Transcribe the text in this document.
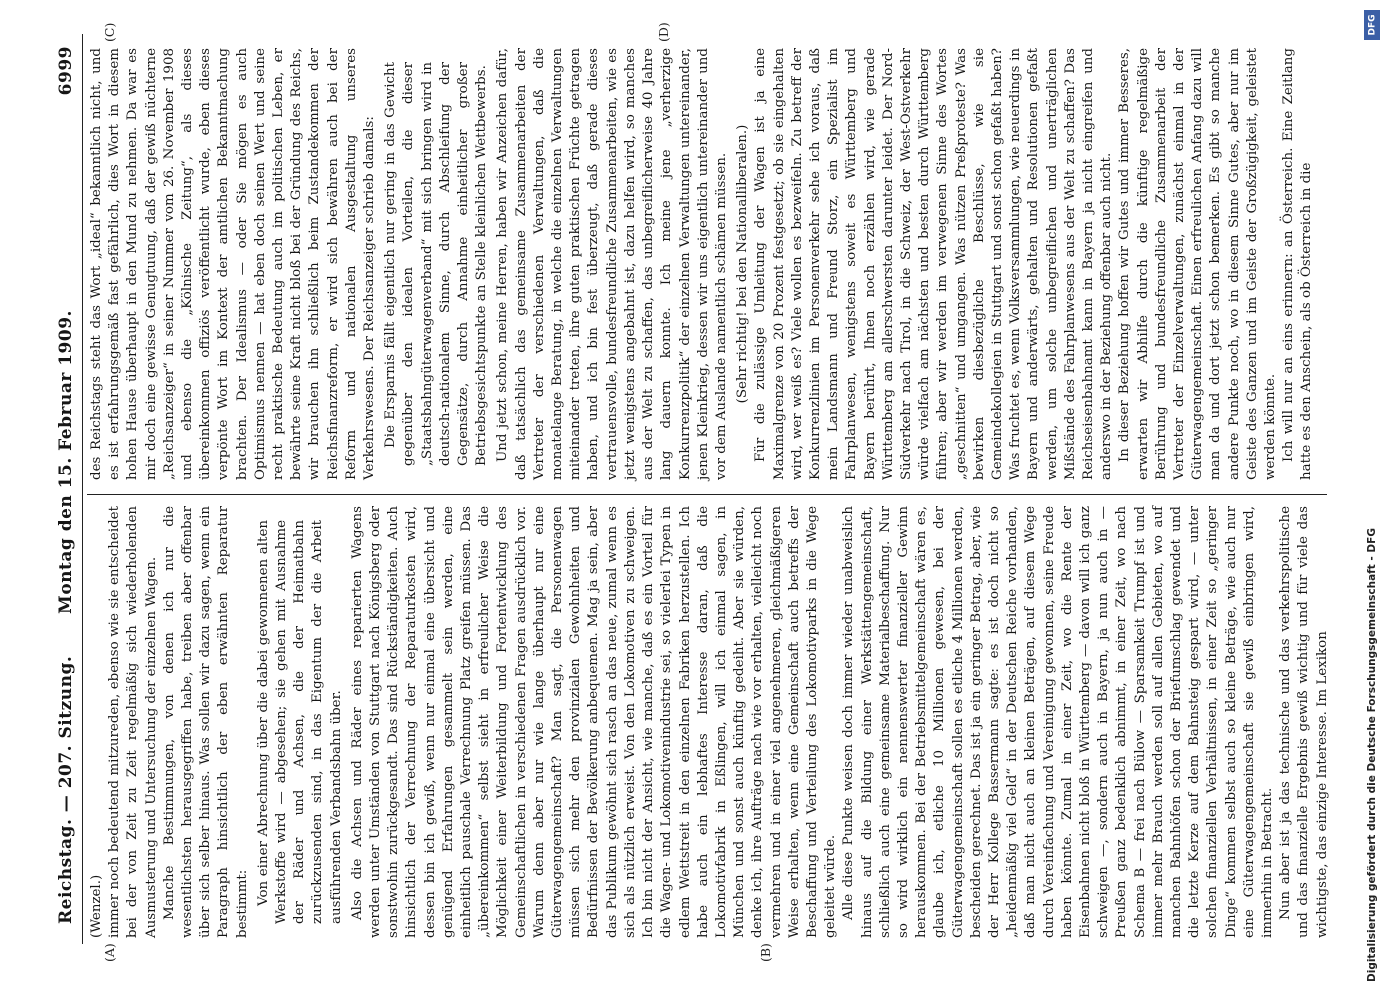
Reichstag. — 207. Sitzung.
Montag den 15. Februar 1909.
6999
(A)	(B)
(C)	(D)

(Wenzel.) immer noch bedeutend mitzureden, ebenso wie sie entscheidet bei der von Zeit zu Zeit regelmäßig sich wiederholenden Ausmusterung und Untersuchung der einzelnen Wagen. Manche Bestimmungen, von denen ich nur die wesentlichsten herausgegriffen habe, treiben aber offenbar über sich selber hinaus. Was sollen wir dazu sagen, wenn ein Paragraph hinsichtlich der eben erwähnten Reparatur bestimmt: Von einer Abrechnung über die dabei gewonnenen alten Werkstoffe wird — abgesehen; sie gehen mit Ausnahme der Räder und Achsen, die der Heimatbahn zurückzusenden sind, in das Eigentum der die Arbeit ausführenden Verbandsbahn über. Also die Achsen und Räder eines reparierten Wagens werden unter Umständen von Stuttgart nach Königsberg oder sonstwohin zurückgesandt. Das sind Rückständigkeiten. Auch hinsichtlich der Verrechnung der Reparaturkosten wird, dessen bin ich gewiß, wenn nur einmal eine übersicht und genügend Erfahrungen gesammelt sein werden, eine einheitlich pauschale Verrechnung Platz greifen müssen. Das „übereinkommen“ selbst sieht in erfreulicher Weise die Möglichkeit einer Weiterbildung und Fortentwicklung des Gemeinschaftlichen in verschiedenen Fragen ausdrücklich vor. Warum denn aber nur wie lange überhaupt nur eine Güterwagengemeinschaft? Man sagt, die Personenwagen müssen sich mehr den provinzialen Gewohnheiten und Bedürfnissen der Bevölkerung anbequemen. Mag ja sein, aber das Publikum gewöhnt sich rasch an das neue, zumal wenn es sich als nützlich erweist. Von den Lokomotiven zu schweigen. Ich bin nicht der Ansicht, wie manche, daß es ein Vorteil für die Wagen- und Lokomotivenindustrie sei, so vielerlei Typen in edlem Wettstreit in den einzelnen Fabriken herzustellen. Ich habe auch ein lebhaftes Interesse daran, daß die Lokomotivfabrik in Eßlingen, will ich einmal sagen, in München und sonst auch künftig gedeiht. Aber sie würden, denke ich, ihre Aufträge nach wie vor erhalten, vielleicht noch vermehren und in einer viel angenehmeren, gleichmäßigeren Weise erhalten, wenn eine Gemeinschaft auch betreffs der Beschaffung und Verteilung des Lokomotivparks in die Wege geleitet würde. Alle diese Punkte weisen doch immer wieder unabweislich hinaus auf die Bildung einer Werkstättengemeinschaft, schließlich auch eine gemeinsame Materialbeschaffung. Nur so wird wirklich ein nennenswerter finanzieller Gewinn herauskommen. Bei der Betriebsmittelgemeinschaft wären es, glaube ich, etliche 10 Millionen gewesen, bei der Güterwagengemeinschaft sollen es etliche 4 Millionen werden, bescheiden gerechnet. Das ist ja ein geringer Betrag, aber, wie der Herr Kollege Bassermann sagte: es ist doch nicht so „heidenmäßig viel Geld“ in der Deutschen Reiche vorhanden, daß man nicht auch an kleinen Beträgen, auf diesem Wege durch Vereinfachung und Vereinigung gewonnen, seine Freude haben könnte. Zumal in einer Zeit, wo die Rente der Eisenbahnen nicht bloß in Württemberg — davon will ich ganz schweigen —, sondern auch in Bayern, ja nun auch in — Preußen ganz bedenklich abnimmt, in einer Zeit, wo nach Schema B — frei nach Bülow — Sparsamkeit Trumpf ist und immer mehr Brauch werden soll auf allen Gebieten, wo auf manchen Bahnhöfen schon der Briefumschlag gewendet und die letzte Kerze auf dem Bahnsteig gespart wird, — unter solchen finanziellen Verhältnissen, in einer Zeit so „geringer Dinge“ kommen selbst auch so kleine Beträge, wie auch nur eine Güterwagengemeinschaft sie gewiß einbringen wird, immerhin in Betracht. Nun aber ist ja das technische und das verkehrspolitische und das finanzielle Ergebnis gewiß wichtig und für viele das wichtigste, das einzige Interesse. Im Lexikon

des Reichstags steht das Wort „ideal“ bekanntlich nicht, und es ist erfahrungsgemäß fast gefährlich, dies Wort in diesem hohen Hause überhaupt in den Mund zu nehmen. Da war es mir doch eine gewisse Genugtuung, daß der gewiß nüchterne „Reichsanzeiger“ in seiner Nummer vom 26. November 1908 und ebenso die „Kölnische Zeitung“, als dieses übereinkommen offiziös veröffentlicht wurde, eben dieses verpönte Wort im Kontext der amtlichen Bekanntmachung brachten. Der Idealismus — oder Sie mögen es auch Optimismus nennen — hat eben doch seinen Wert und seine recht praktische Bedeutung auch im politischen Leben, er bewährte seine Kraft nicht bloß bei der Gründung des Reichs, wir brauchen ihn schließlich beim Zustandekommen der Reichsfinanzreform, er wird sich bewähren auch bei der Reform und nationalen Ausgestaltung unseres Verkehrswesens. Der Reichsanzeiger schrieb damals: Die Ersparnis fällt eigentlich nur gering in das Gewicht gegenüber den idealen Vorteilen, die dieser „Staatsbahngüterwagenverband“ mit sich bringen wird in deutsch-nationalem Sinne, durch Abschleifung der Gegensätze, durch Annahme einheitlicher großer Betriebsgesichtspunkte an Stelle kleinlichen Wettbewerbs. Und jetzt schon, meine Herren, haben wir Anzeichen dafür, daß tatsächlich das gemeinsame Zusammenarbeiten der Vertreter der verschiedenen Verwaltungen, daß die monatelange Beratung, in welche die einzelnen Verwaltungen miteinander treten, ihre guten praktischen Früchte getragen haben, und ich bin fest überzeugt, daß gerade dieses vertrauensvolle, bundesfreundliche Zusammenarbeiten, wie es jetzt wenigstens angebahnt ist, dazu helfen wird, so manches aus der Welt zu schaffen, das unbegreiflicherweise 40 Jahre lang dauern konnte. Ich meine jene „verherzige Konkurrenzpolitik“ der einzelnen Verwaltungen untereinander, jenen Kleinkrieg, dessen wir uns eigentlich untereinander und vor dem Auslande namentlich schämen müssen. (Sehr richtig! bei den Nationalliberalen.) Für die zulässige Umleitung der Wagen ist ja eine Maximalgrenze von 20 Prozent festgesetzt; ob sie eingehalten wird, wer weiß es? Viele wollen es bezweifeln. Zu betreff der Konkurrenzlinien im Personenverkehr sehe ich voraus, daß mein Landsmann und Freund Storz, ein Spezialist im Fahrplanwesen, wenigstens soweit es Württemberg und Bayern berührt, Ihnen noch erzählen wird, wie gerade Württemberg am allerschwersten darunter leidet. Der Nord-Südverkehr nach Tirol, in die Schweiz, der West-Ostverkehr würde vielfach am nächsten und besten durch Württemberg führen; aber wir werden im verwegenen Sinne des Wortes „geschnitten“ und umgangen. Was nützen Preßproteste? Was bewirken diesbezügliche Beschlüsse, wie sie Gemeindekollegien in Stuttgart und sonst schon gefaßt haben? Was fruchtet es, wenn Volksversammlungen, wie neuerdings in Bayern und anderwärts, gehalten und Resolutionen gefaßt werden, um solche unbegreiflichen und unerträglichen Mißstände des Fahrplanwesens aus der Welt zu schaffen? Das Reichseisenbahnamt kann in Bayern ja nicht eingreifen und anderswo in der Beziehung offenbar auch nicht. In dieser Beziehung hoffen wir Gutes und immer Besseres, erwarten wir Abhilfe durch die künftige regelmäßige Berührung und bundesfreundliche Zusammenarbeit der Vertreter der Einzelverwaltungen, zunächst einmal in der Güterwagengemeinschaft. Einen erfreulichen Anfang dazu will man da und dort jetzt schon bemerken. Es gibt so manche andere Punkte noch, wo in diesem Sinne Gutes, aber nur im Geiste des Ganzen und im Geiste der Großzügigkeit, geleistet werden könnte. Ich will nur an eins erinnern: an Österreich. Eine Zeitlang hatte es den Anschein, als ob Österreich in die

DFG
Digitalisierung gefördert durch die Deutsche Forschungsgemeinschaft - DFG
